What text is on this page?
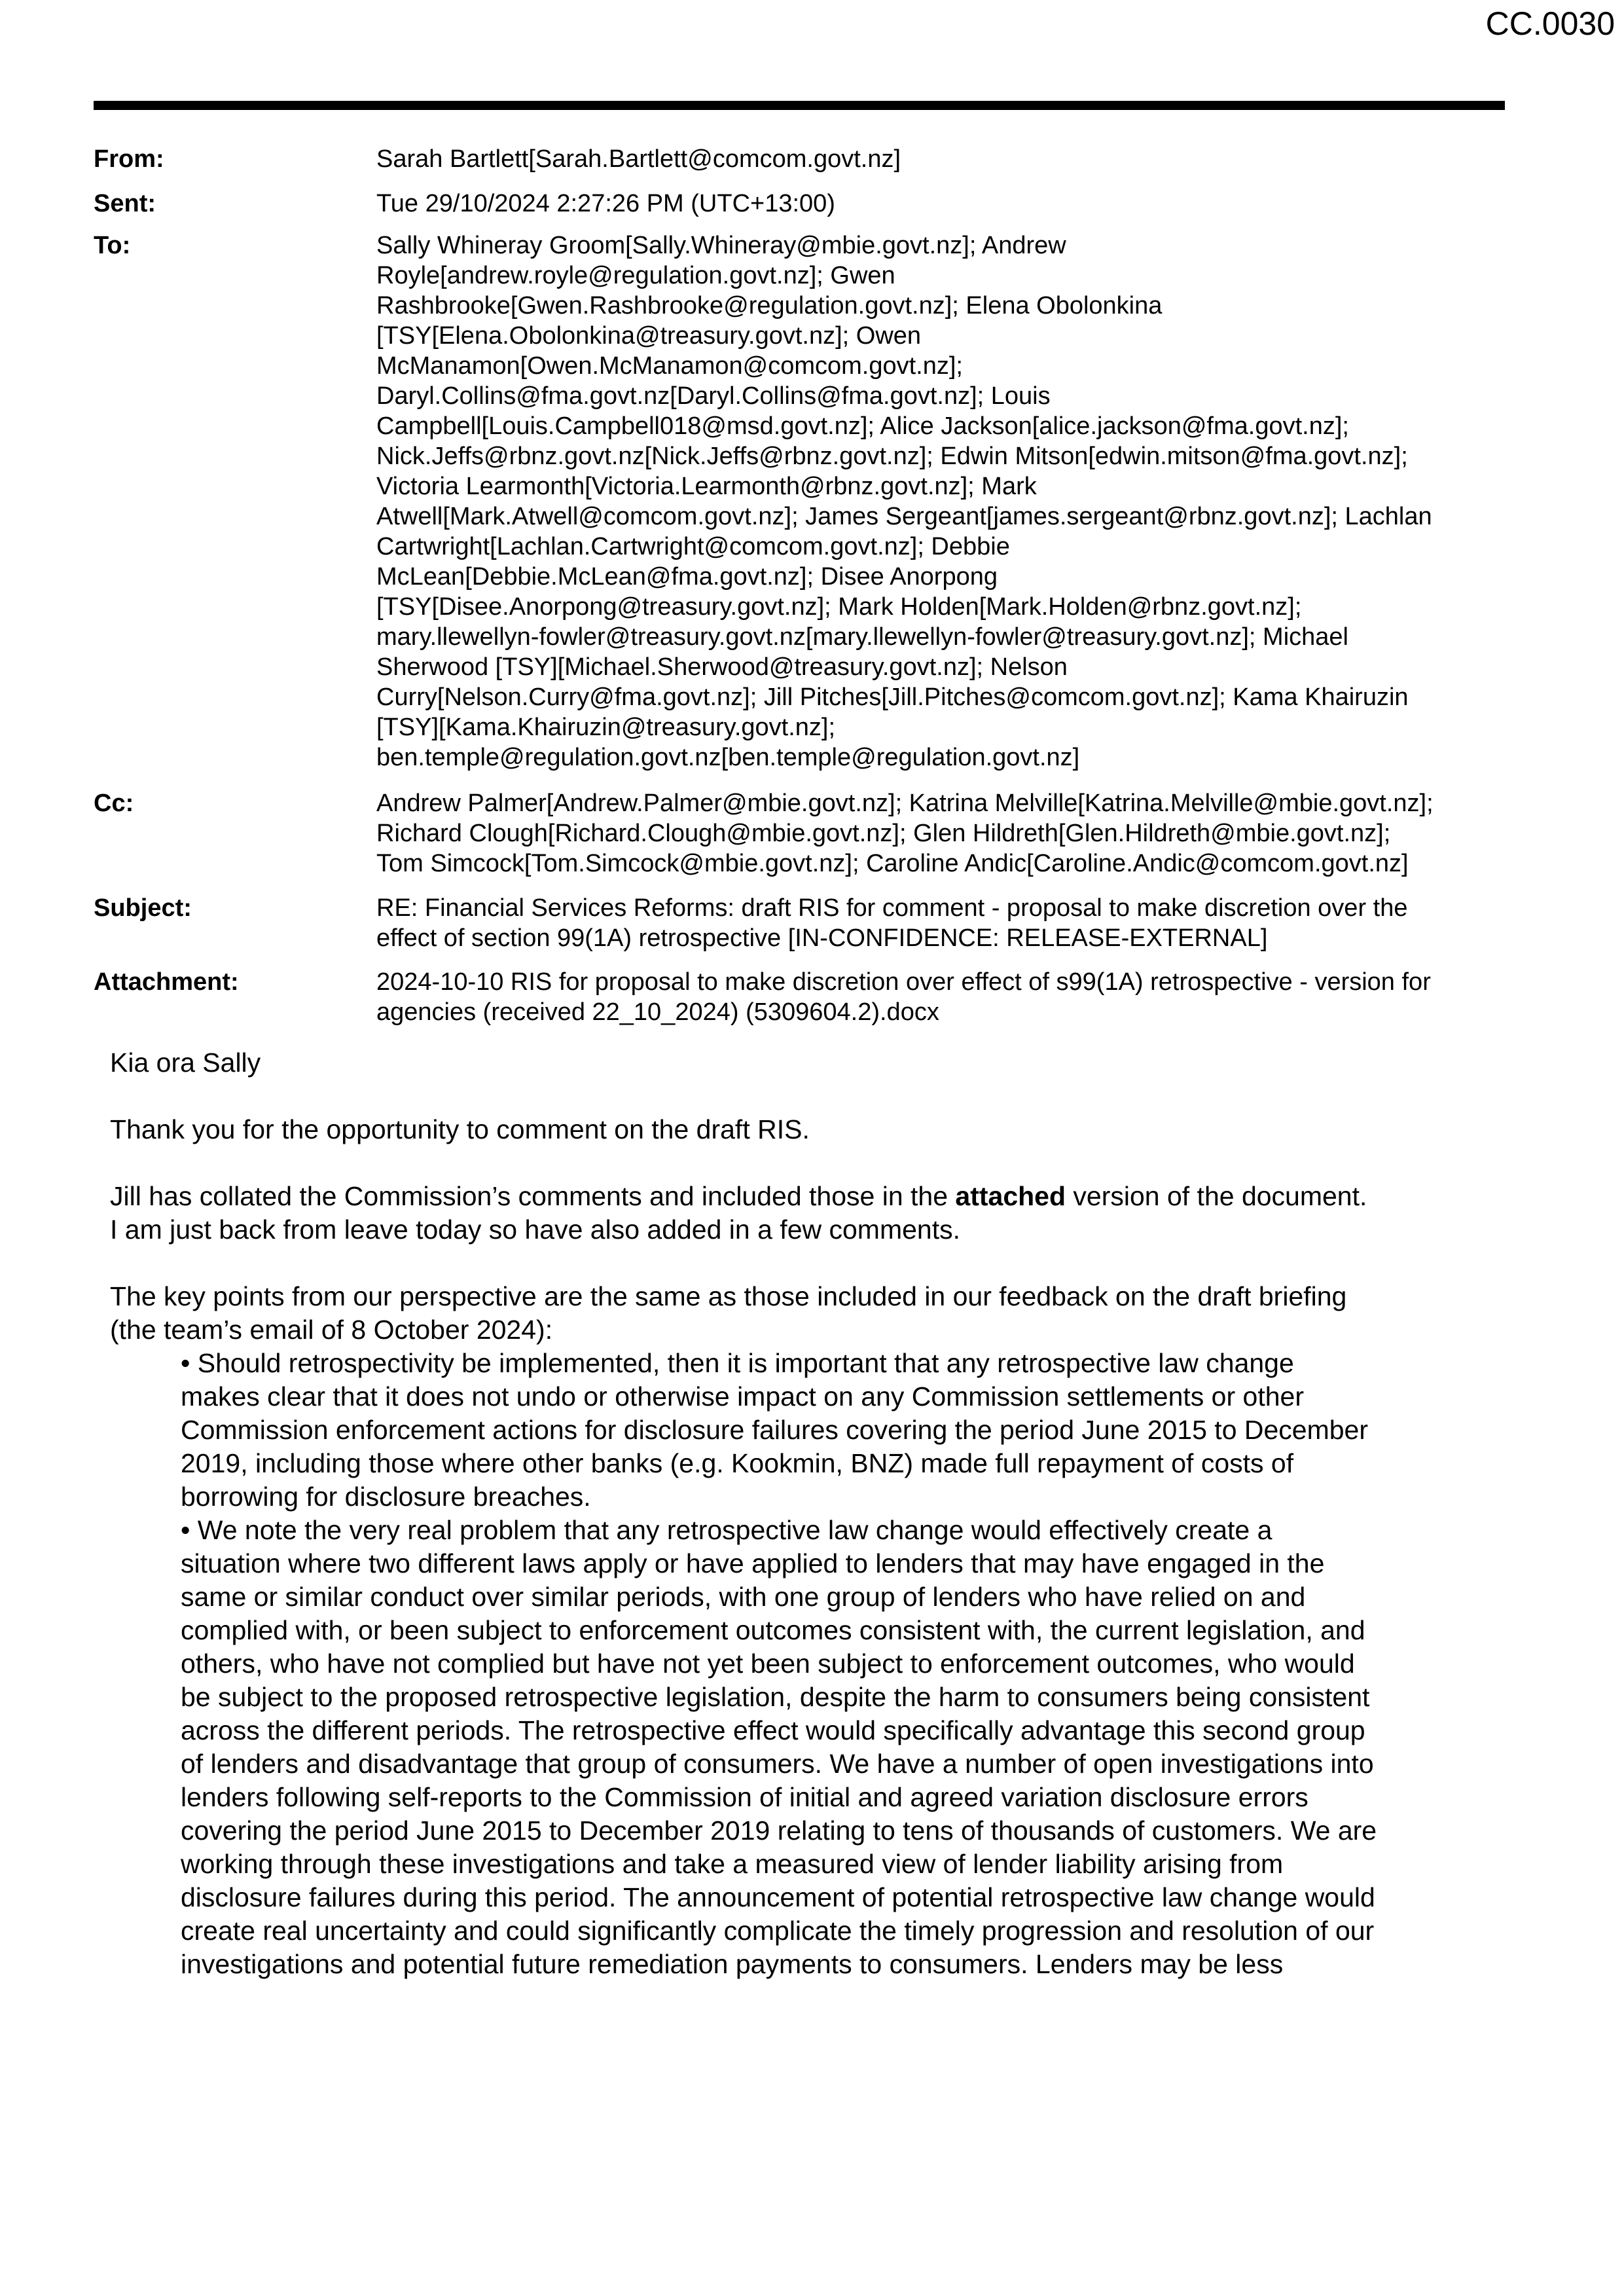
CC.0030
From:	Sarah Bartlett[Sarah.Bartlett@comcom.govt.nz]
Sent:	Tue 29/10/2024 2:27:26 PM (UTC+13:00)
To:	Sally Whineray Groom[Sally.Whineray@mbie.govt.nz]; Andrew
Royle[andrew.royle@regulation.govt.nz]; Gwen
Rashbrooke[Gwen.Rashbrooke@regulation.govt.nz]; Elena Obolonkina
[TSY[Elena.Obolonkina@treasury.govt.nz]; Owen
McManamon[Owen.McManamon@comcom.govt.nz];
Daryl.Collins@fma.govt.nz[Daryl.Collins@fma.govt.nz]; Louis
Campbell[Louis.Campbell018@msd.govt.nz]; Alice Jackson[alice.jackson@fma.govt.nz];
Nick.Jeffs@rbnz.govt.nz[Nick.Jeffs@rbnz.govt.nz]; Edwin Mitson[edwin.mitson@fma.govt.nz];
Victoria Learmonth[Victoria.Learmonth@rbnz.govt.nz]; Mark
Atwell[Mark.Atwell@comcom.govt.nz]; James Sergeant[james.sergeant@rbnz.govt.nz]; Lachlan
Cartwright[Lachlan.Cartwright@comcom.govt.nz]; Debbie
McLean[Debbie.McLean@fma.govt.nz]; Disee Anorpong
[TSY[Disee.Anorpong@treasury.govt.nz]; Mark Holden[Mark.Holden@rbnz.govt.nz];
mary.llewellyn-fowler@treasury.govt.nz[mary.llewellyn-fowler@treasury.govt.nz]; Michael
Sherwood [TSY][Michael.Sherwood@treasury.govt.nz]; Nelson
Curry[Nelson.Curry@fma.govt.nz]; Jill Pitches[Jill.Pitches@comcom.govt.nz]; Kama Khairuzin
[TSY][Kama.Khairuzin@treasury.govt.nz];
ben.temple@regulation.govt.nz[ben.temple@regulation.govt.nz]
Cc:	Andrew Palmer[Andrew.Palmer@mbie.govt.nz]; Katrina Melville[Katrina.Melville@mbie.govt.nz];
Richard Clough[Richard.Clough@mbie.govt.nz]; Glen Hildreth[Glen.Hildreth@mbie.govt.nz];
Tom Simcock[Tom.Simcock@mbie.govt.nz]; Caroline Andic[Caroline.Andic@comcom.govt.nz]
Subject:	RE: Financial Services Reforms: draft RIS for comment - proposal to make discretion over the
effect of section 99(1A) retrospective [IN-CONFIDENCE: RELEASE-EXTERNAL]
Attachment:	2024-10-10 RIS for proposal to make discretion over effect of s99(1A) retrospective - version for
agencies (received 22_10_2024) (5309604.2).docx

Kia ora Sally

Thank you for the opportunity to comment on the draft RIS.

Jill has collated the Commission’s comments and included those in the attached version of the document.

I am just back from leave today so have also added in a few comments.

The key points from our perspective are the same as those included in our feedback on the draft briefing

(the team’s email of 8 October 2024):

• Should retrospectivity be implemented, then it is important that any retrospective law change

makes clear that it does not undo or otherwise impact on any Commission settlements or other

Commission enforcement actions for disclosure failures covering the period June 2015 to December

2019, including those where other banks (e.g. Kookmin, BNZ) made full repayment of costs of

borrowing for disclosure breaches.

• We note the very real problem that any retrospective law change would effectively create a

situation where two different laws apply or have applied to lenders that may have engaged in the

same or similar conduct over similar periods, with one group of lenders who have relied on and

complied with, or been subject to enforcement outcomes consistent with, the current legislation, and

others, who have not complied but have not yet been subject to enforcement outcomes, who would

be subject to the proposed retrospective legislation, despite the harm to consumers being consistent

across the different periods. The retrospective effect would specifically advantage this second group

of lenders and disadvantage that group of consumers. We have a number of open investigations into

lenders following self-reports to the Commission of initial and agreed variation disclosure errors

covering the period June 2015 to December 2019 relating to tens of thousands of customers. We are

working through these investigations and take a measured view of lender liability arising from

disclosure failures during this period. The announcement of potential retrospective law change would

create real uncertainty and could significantly complicate the timely progression and resolution of our

investigations and potential future remediation payments to consumers. Lenders may be less
